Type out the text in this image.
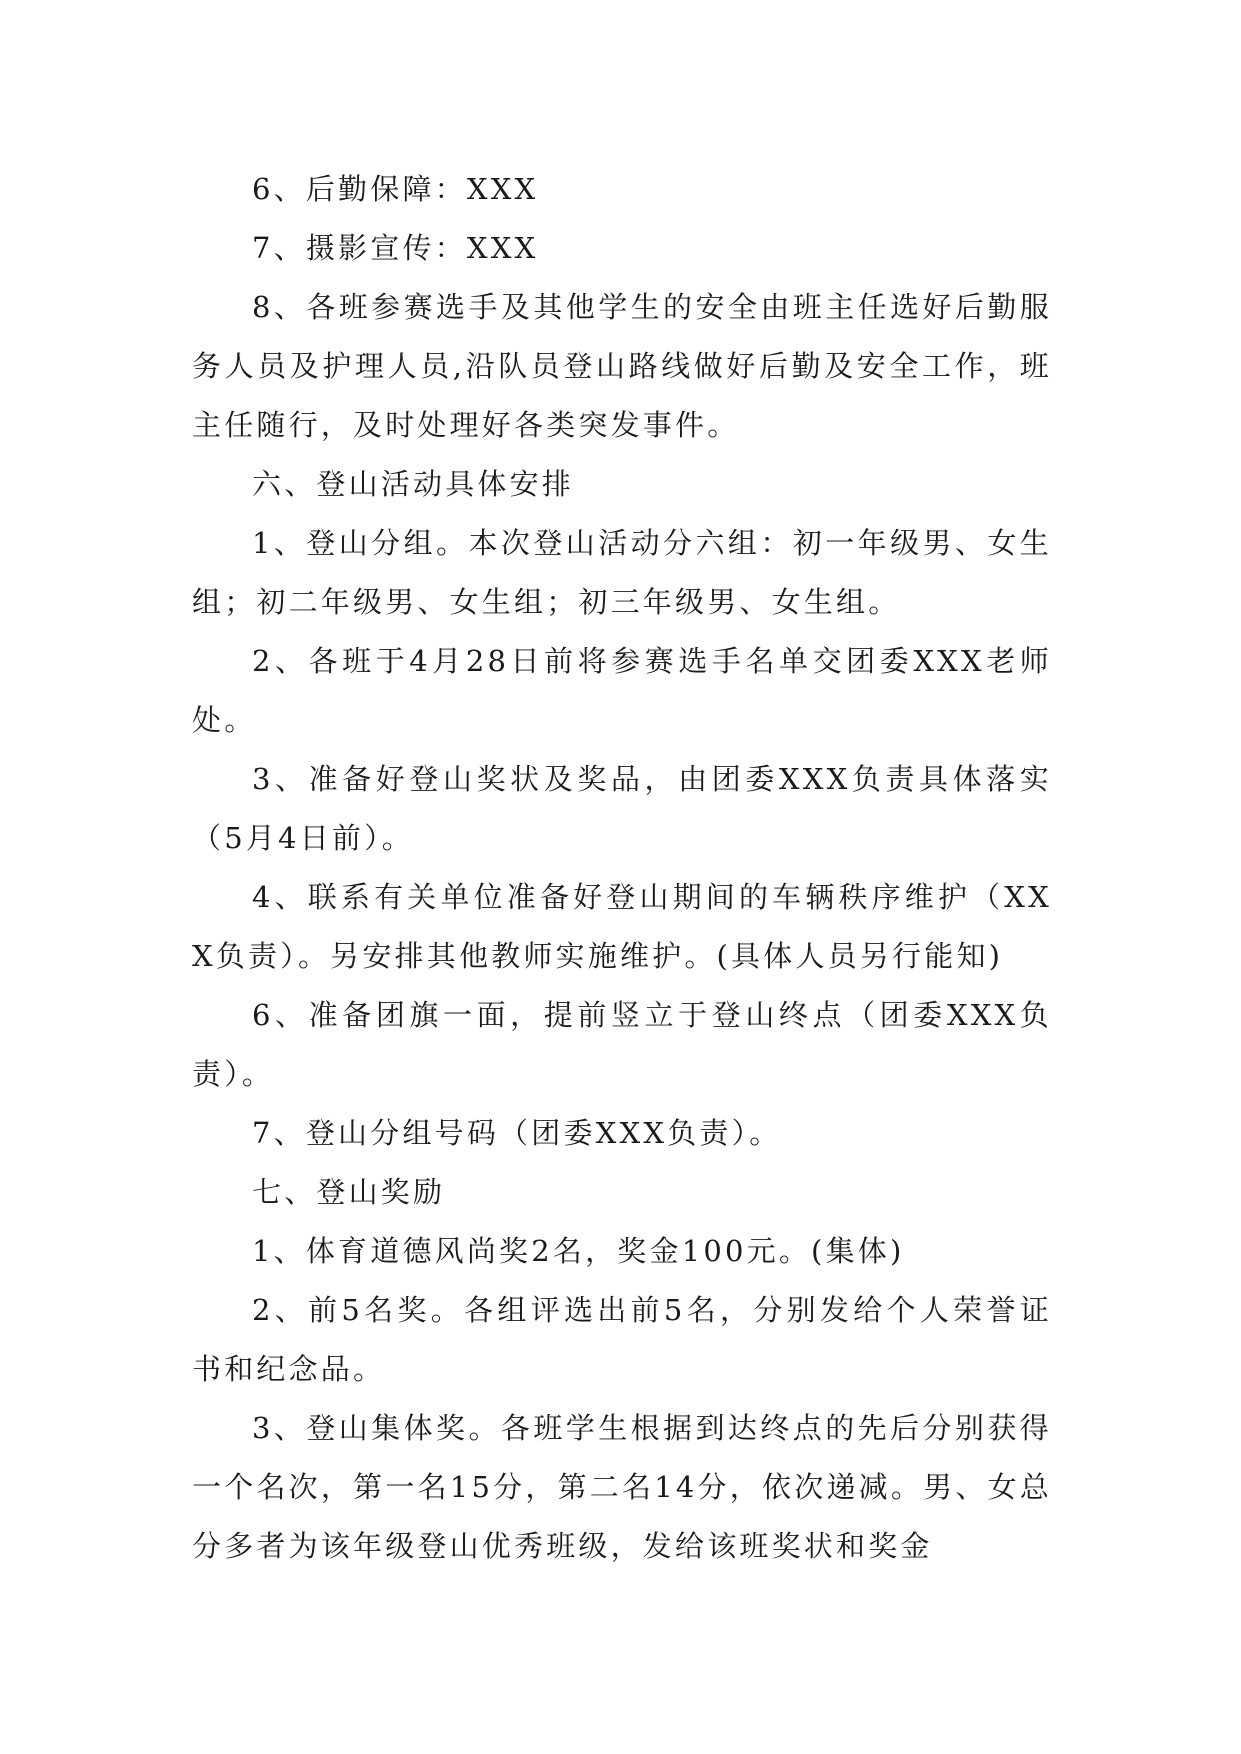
6、后勤保障：XXX

7、摄影宣传：XXX

8、各班参赛选手及其他学生的安全由班主任选好后勤服务人员及护理人员,沿队员登山路线做好后勤及安全工作，班主任随行，及时处理好各类突发事件。

六、登山活动具体安排

1、登山分组。本次登山活动分六组：初一年级男、女生组；初二年级男、女生组；初三年级男、女生组。

2、各班于4月28日前将参赛选手名单交团委XXX老师处。

3、准备好登山奖状及奖品，由团委XXX负责具体落实（5月4日前）。

4、联系有关单位准备好登山期间的车辆秩序维护（XXX负责）。另安排其他教师实施维护。(具体人员另行能知)

6、准备团旗一面，提前竖立于登山终点（团委XXX负责）。

7、登山分组号码（团委XXX负责）。

七、登山奖励

1、体育道德风尚奖2名，奖金100元。(集体)

2、前5名奖。各组评选出前5名，分别发给个人荣誉证书和纪念品。

3、登山集体奖。各班学生根据到达终点的先后分别获得一个名次，第一名15分，第二名14分，依次递减。男、女总分多者为该年级登山优秀班级，发给该班奖状和奖金
